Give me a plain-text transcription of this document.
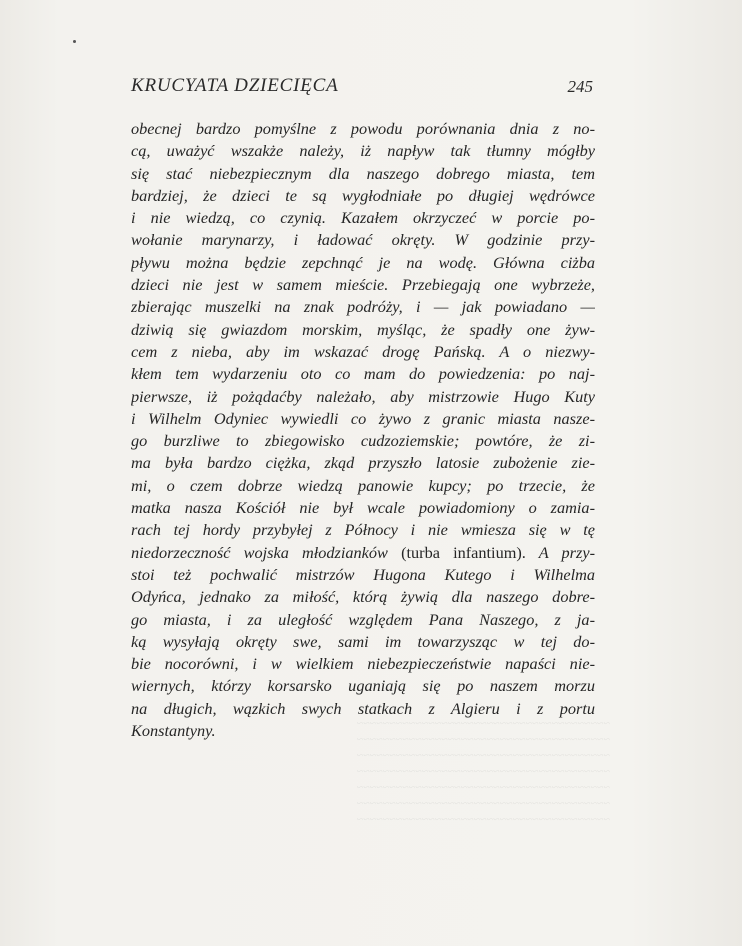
KRUCYATA DZIECIĘCA	245
obecnej bardzo pomyślne z powodu porównania dnia z no-
cą, uważyć wszakże należy, iż napływ tak tłumny mógłby
się stać niebezpiecznym dla naszego dobrego miasta, tem
bardziej, że dzieci te są wygłodniałe po długiej wędrówce
i nie wiedzą, co czynią. Kazałem okrzyczeć w porcie po-
wołanie marynarzy, i ładować okręty. W godzinie przy-
pływu można będzie zepchnąć je na wodę. Główna ciżba
dzieci nie jest w samem mieście. Przebiegają one wybrzeże,
zbierając muszelki na znak podróży, i — jak powiadano —
dziwią się gwiazdom morskim, myśląc, że spadły one żyw-
cem z nieba, aby im wskazać drogę Pańską. A o niezwy-
kłem tem wydarzeniu oto co mam do powiedzenia: po naj-
pierwsze, iż pożądaćby należało, aby mistrzowie Hugo Kuty
i Wilhelm Odyniec wywiedli co żywo z granic miasta nasze-
go burzliwe to zbiegowisko cudzoziemskie; powtóre, że zi-
ma była bardzo ciężka, zkąd przyszło latosie zubożenie zie-
mi, o czem dobrze wiedzą panowie kupcy; po trzecie, że
matka nasza Kościół nie był wcale powiadomiony o zamia-
rach tej hordy przybyłej z Północy i nie wmiesza się w tę
niedorzeczność wojska młodzianków (turba infantium). A przy-
stoi też pochwalić mistrzów Hugona Kutego i Wilhelma
Odyńca, jednako za miłość, którą żywią dla naszego dobre-
go miasta, i za uległość względem Pana Naszego, z ja-
ką wysyłają okręty swe, sami im towarzysząc w tej do-
bie nocorówni, i w wielkiem niebezpieczeństwie napaści nie-
wiernych, którzy korsarsko uganiają się po naszem morzu
na długich, wązkich swych statkach z Algieru i z portu
Konstantyny.	~~~~~~~~~~~~~~~~~~~~~~~~~~~~~~~~~~~~~~~
~~~~~~~~~~~~~~~~~~~~~~~~~~~~~~~~~~~~~~~
~~~~~~~~~~~~~~~~~~~~~~~~~~~~~~~~~~~~~~~
~~~~~~~~~~~~~~~~~~~~~~~~~~~~~~~~~~~~~~~
~~~~~~~~~~~~~~~~~~~~~~~~~~~~~~~~~~~~~~~
~~~~~~~~~~~~~~~~~~~~~~~~~~~~~~~~~~~~~~~
~~~~~~~~~~~~~~~~~~~~~~~~~~~~~~~~~~~~~~~
